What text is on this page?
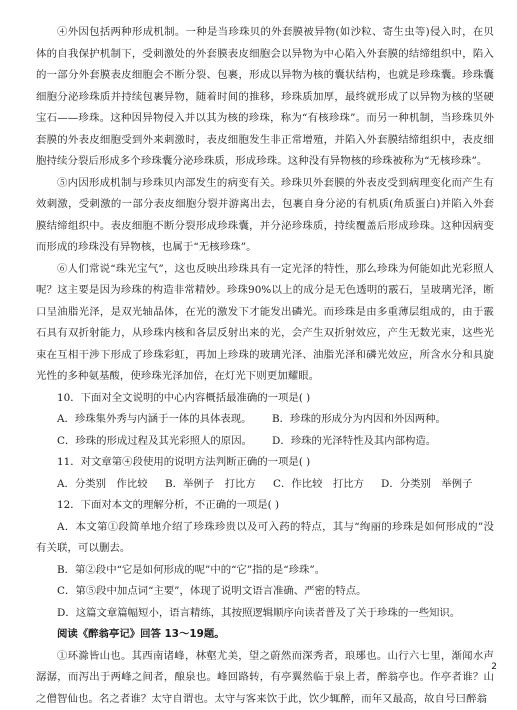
④外因包括两种形成机制。一种是当珍珠贝的外套膜被异物(如沙粒、寄生虫等)侵入时，在贝体的自我保护机制下，受刺激处的外套膜表皮细胞会以异物为中心陷入外套膜的结缔组织中，陷入的一部分外套膜表皮细胞会不断分裂、包裹，形成以异物为核的囊状结构，也就是珍珠囊。珍珠囊细胞分泌珍珠质并持续包裹异物，随着时间的推移，珍珠质加厚，最终就形成了以异物为核的坚硬宝石——珍珠。这种因异物侵入并以其为核的珍珠，称为“有核珍珠”。而另一种机制，当珍珠贝外套膜的外表皮细胞受到外来刺激时，表皮细胞发生非正常增殖，并陷入外套膜结缔组织中，表皮细胞持续分裂后形成多个珍珠囊分泌珍珠质，形成珍珠。这种没有异物核的珍珠被称为“无核珍珠”。

⑤内因形成机制与珍珠贝内部发生的病变有关。珍珠贝外套膜的外表皮受到病理变化而产生有效刺激，受刺激的一部分表皮细胞分裂并游离出去，包裹自身分泌的有机质(角质蛋白)并陷入外套膜结缔组织中。表皮细胞不断分裂形成珍珠囊，并分泌珍珠质，持续覆盖后形成珍珠。这种因病变而形成的珍珠没有异物核，也属于“无核珍珠”。

⑥人们常说“珠光宝气”，这也反映出珍珠具有一定光泽的特性，那么珍珠为何能如此光彩照人呢？这主要是因为珍珠的构造非常精妙。珍珠90%以上的成分是无色透明的霰石，呈玻璃光泽，断口呈油脂光泽，是双光轴晶体，在光的激发下才能发出磷光。而珍珠是由多重薄层组成的，由于霰石具有双折射能力，从珍珠内核和各层反射出来的光，会产生双折射效应，产生无数光束，这些光束在互相干涉下形成了珍珠彩虹，再加上珍珠的玻璃光泽、油脂光泽和磷光效应，所含水分和具旋光性的多种氨基酸，使珍珠光泽加倍，在灯光下则更加耀眼。

10．下面对全文说明的中心内容概括最准确的一项是( )

A．珍珠集外秀与内涵于一体的具体表现。	B．珍珠的形成分为内因和外因两种。
C．珍珠的形成过程及其光彩照人的原因。	D．珍珠的光泽特性及其内部构造。

11．对文章第④段使用的说明方法判断正确的一项是( )

A．分类别　作比较	B．举例子　打比方	C．作比较　打比方	D．分类别　举例子

12．下面对本文的理解分析，不正确的一项是( )

A．本文第①段简单地介绍了珍珠珍贵以及可入药的特点，其与“绚丽的珍珠是如何形成的”没有关联，可以删去。

B．第②段中“它是如何形成的呢”中的“它”指的是“珍珠”。

C．第⑤段中加点词“主要”，体现了说明文语言准确、严密的特点。

D．这篇文章篇幅短小，语言精练，其按照逻辑顺序向读者普及了关于珍珠的一些知识。

阅读《醉翁亭记》回答 13～19题。

①环滁皆山也。其西南诸峰，林壑尤美，望之蔚然而深秀者，琅琊也。山行六七里，渐闻水声潺潺，而泻出于两峰之间者，酿泉也。峰回路转，有亭翼然临于泉上者，醉翁亭也。作亭者谁？山之僧智仙也。名之者谁？太守自谓也。太守与客来饮于此，饮少辄醉，而年又最高，故自号曰醉翁

2
